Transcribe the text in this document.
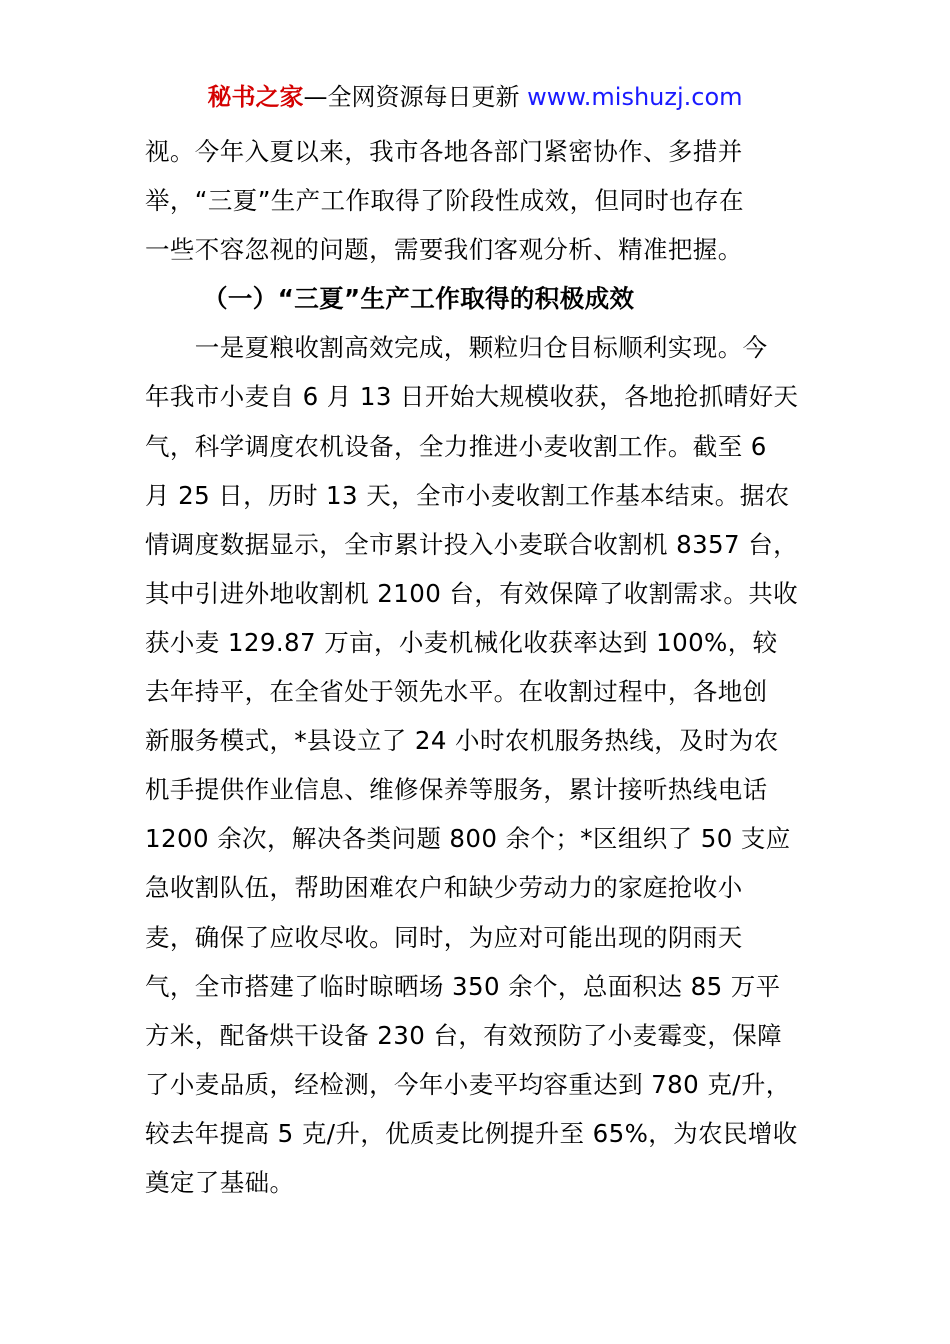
秘书之家—全网资源每日更新 www.mishuzj.com
视。今年入夏以来，我市各地各部门紧密协作、多措并
举，“三夏”生产工作取得了阶段性成效，但同时也存在
一些不容忽视的问题，需要我们客观分析、精准把握。
（一）“三夏”生产工作取得的积极成效
　　一是夏粮收割高效完成，颗粒归仓目标顺利实现。今
年我市小麦自 6 月 13 日开始大规模收获，各地抢抓晴好天
气，科学调度农机设备，全力推进小麦收割工作。截至 6
月 25 日，历时 13 天，全市小麦收割工作基本结束。据农
情调度数据显示，全市累计投入小麦联合收割机 8357 台，
其中引进外地收割机 2100 台，有效保障了收割需求。共收
获小麦 129.87 万亩，小麦机械化收获率达到 100%，较
去年持平，在全省处于领先水平。在收割过程中，各地创
新服务模式，*县设立了 24 小时农机服务热线，及时为农
机手提供作业信息、维修保养等服务，累计接听热线电话
1200 余次，解决各类问题 800 余个；*区组织了 50 支应
急收割队伍，帮助困难农户和缺少劳动力的家庭抢收小
麦，确保了应收尽收。同时，为应对可能出现的阴雨天
气，全市搭建了临时晾晒场 350 余个，总面积达 85 万平
方米，配备烘干设备 230 台，有效预防了小麦霉变，保障
了小麦品质，经检测，今年小麦平均容重达到 780 克/升，
较去年提高 5 克/升，优质麦比例提升至 65%，为农民增收
奠定了基础。
